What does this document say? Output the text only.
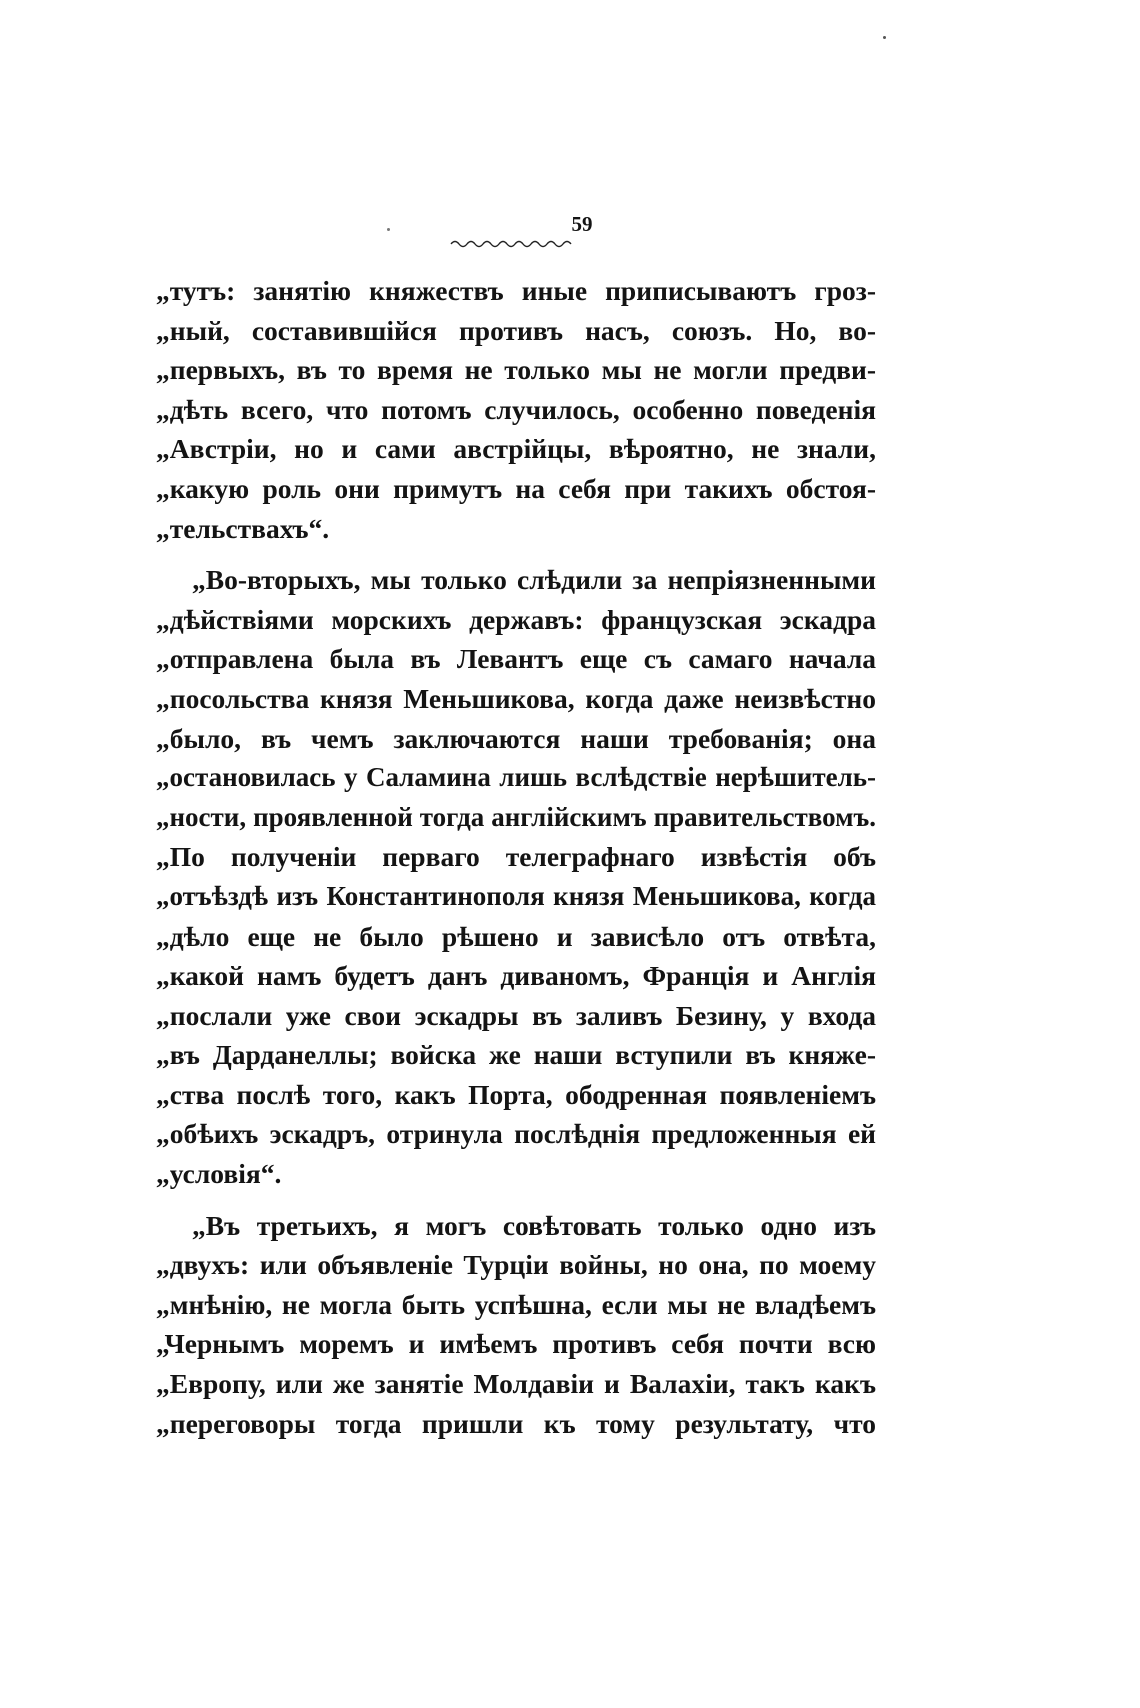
59
„тутъ: занятію княжествъ иные приписываютъ гроз-
„ный, составившійся противъ насъ, союзъ. Но, во-
„первыхъ, въ то время не только мы не могли предви-
„дѣть всего, что потомъ случилось, особенно поведенія
„Австріи, но и сами австрійцы, вѣроятно, не знали,
„какую роль они примутъ на себя при такихъ обстоя-
„тельствахъ“.
„Во-вторыхъ, мы только слѣдили за непріязненными
„дѣйствіями морскихъ державъ: французская эскадра
„отправлена была въ Левантъ еще съ самаго начала
„посольства князя Меньшикова, когда даже неизвѣстно
„было, въ чемъ заключаются наши требованія; она
„остановилась у Саламина лишь вслѣдствіе нерѣшитель-
„ности, проявленной тогда англійскимъ правительствомъ.
„По полученіи перваго телеграфнаго извѣстія объ
„отъѣздѣ изъ Константинополя князя Меньшикова, когда
„дѣло еще не было рѣшено и зависѣло отъ отвѣта,
„какой намъ будетъ данъ диваномъ, Франція и Англія
„послали уже свои эскадры въ заливъ Безину, у входа
„въ Дарданеллы; войска же наши вступили въ княже-
„ства послѣ того, какъ Порта, ободренная появленіемъ
„обѣихъ эскадръ, отринула послѣднія предложенныя ей
„условія“.
„Въ третьихъ, я могъ совѣтовать только одно изъ
„двухъ: или объявленіе Турціи войны, но она, по моему
„мнѣнію, не могла быть успѣшна, если мы не владѣемъ
„Чернымъ моремъ и имѣемъ противъ себя почти всю
„Европу, или же занятіе Молдавіи и Валахіи, такъ какъ
„переговоры тогда пришли къ тому результату, что
